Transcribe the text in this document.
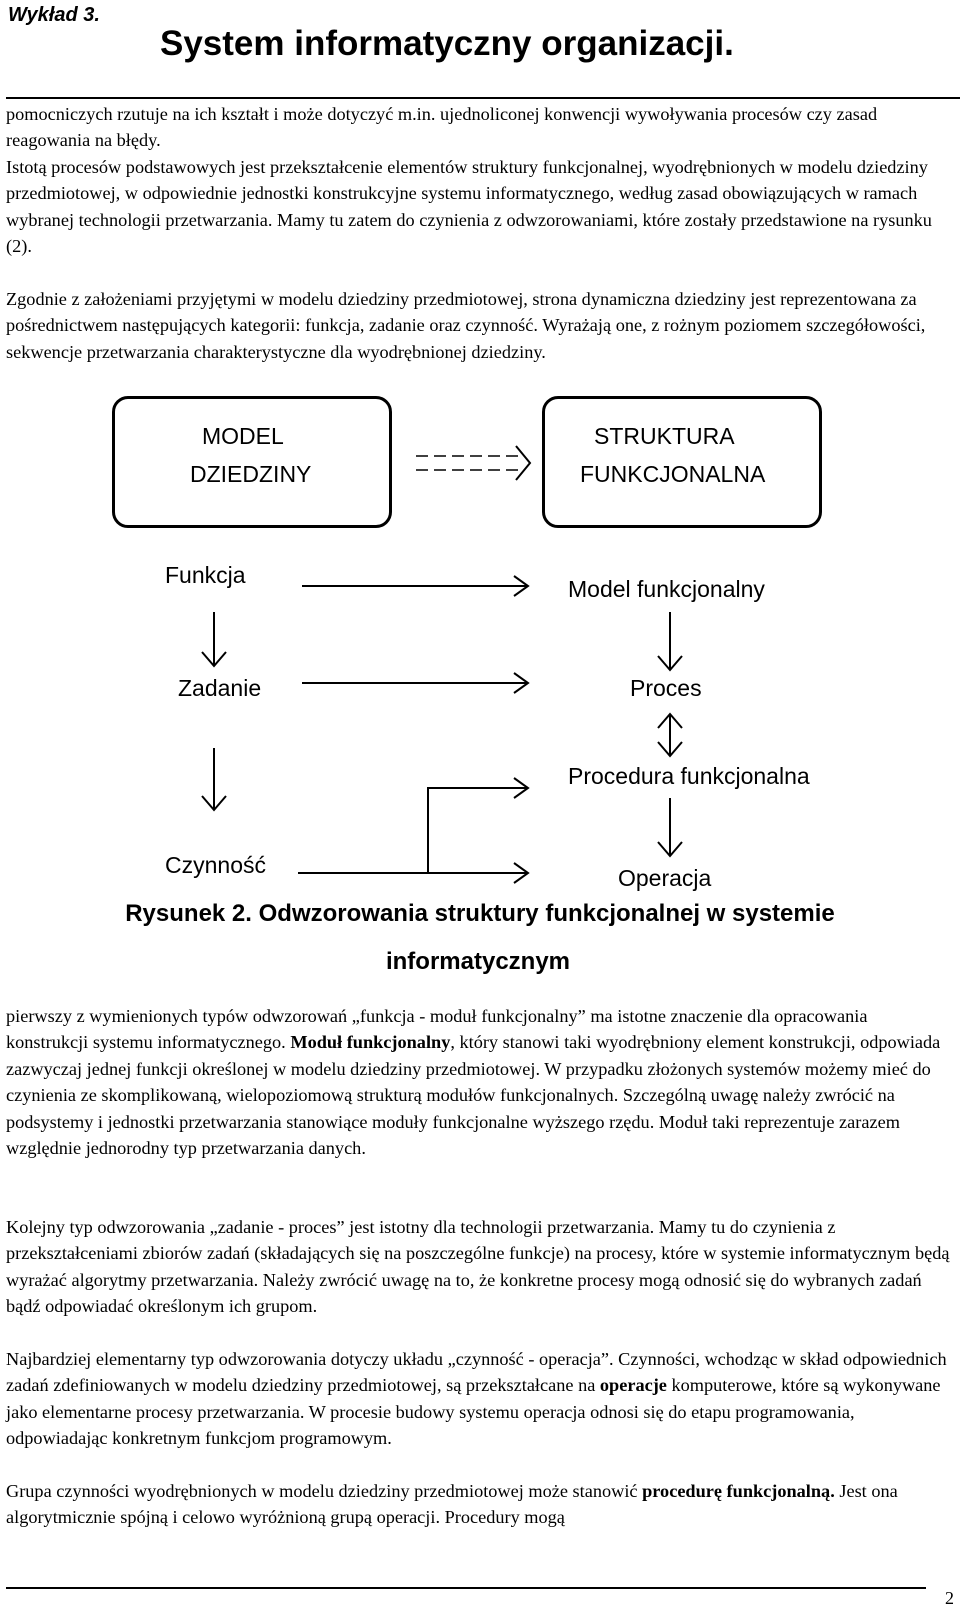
Wykład 3.
System informatyczny organizacji.

pomocniczych rzutuje na ich kształt i może dotyczyć m.in. ujednoliconej konwencji wywoływania procesów czy zasad reagowania na błędy.

Istotą procesów podstawowych jest przekształcenie elementów struktury funkcjonalnej, wyodrębnionych w modelu dziedziny przedmiotowej, w odpowiednie jednostki konstrukcyjne systemu informatycznego, według zasad obowiązujących w ramach wybranej technologii przetwarzania. Mamy tu zatem do czynienia z odwzorowaniami, które zostały przedstawione na rysunku (2).

Zgodnie z założeniami przyjętymi w modelu dziedziny przedmiotowej, strona dynamiczna dziedziny jest reprezentowana za pośrednictwem następujących kategorii: funkcja, zadanie oraz czynność. Wyrażają one, z rożnym poziomem szczegółowości, sekwencje przetwarzania charakterystyczne dla wyodrębnionej dziedziny.

MODEL
DZIEDZINY
STRUKTURA
FUNKCJONALNA
Funkcja
Zadanie
Czynność
Model funkcjonalny
Proces
Procedura funkcjonalna
Operacja
Rysunek 2. Odwzorowania struktury funkcjonalnej w systemie
informatycznym

pierwszy z wymienionych typów odwzorowań „funkcja - moduł funkcjonalny” ma istotne znaczenie dla opracowania konstrukcji systemu informatycznego. Moduł funkcjonalny, który stanowi taki wyodrębniony element konstrukcji, odpowiada zazwyczaj jednej funkcji określonej w modelu dziedziny przedmiotowej. W przypadku złożonych systemów możemy mieć do czynienia ze skomplikowaną, wielopoziomową strukturą modułów funkcjonalnych. Szczególną uwagę należy zwrócić na podsystemy i jednostki przetwarzania stanowiące moduły funkcjonalne wyższego rzędu. Moduł taki reprezentuje zarazem względnie jednorodny typ przetwarzania danych.

Kolejny typ odwzorowania „zadanie - proces” jest istotny dla technologii przetwarzania. Mamy tu do czynienia z przekształceniami zbiorów zadań (składających się na poszczególne funkcje) na procesy, które w systemie informatycznym będą wyrażać algorytmy przetwarzania. Należy zwrócić uwagę na to, że konkretne procesy mogą odnosić się do wybranych zadań bądź odpowiadać określonym ich grupom.

Najbardziej elementarny typ odwzorowania dotyczy układu „czynność - operacja”. Czynności, wchodząc w skład odpowiednich zadań zdefiniowanych w modelu dziedziny przedmiotowej, są przekształcane na operacje komputerowe, które są wykonywane jako elementarne procesy przetwarzania. W procesie budowy systemu operacja odnosi się do etapu programowania, odpowiadając konkretnym funkcjom programowym.

Grupa czynności wyodrębnionych w modelu dziedziny przedmiotowej może stanowić procedurę funkcjonalną. Jest ona algorytmicznie spójną i celowo wyróżnioną grupą operacji. Procedury mogą

2
